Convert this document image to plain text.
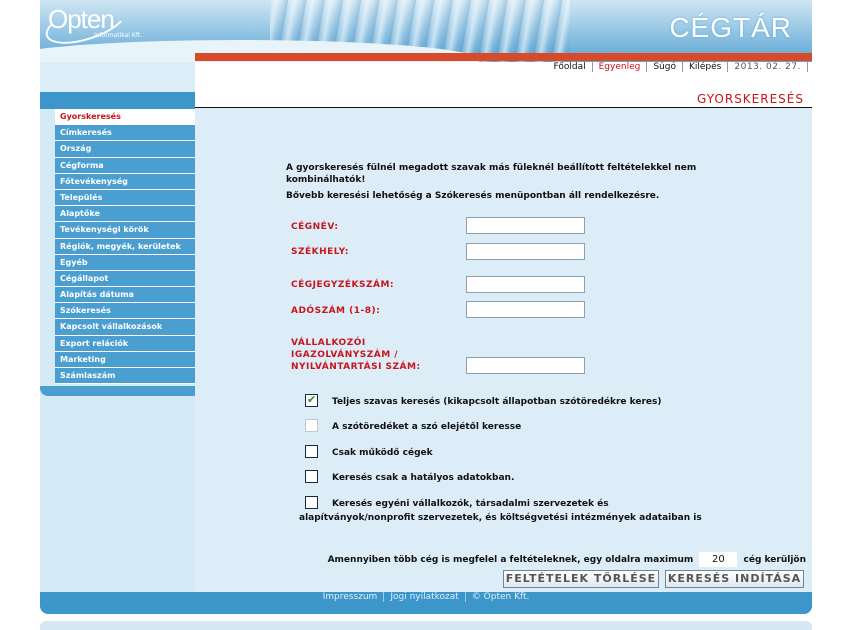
Opten
Informatikai Kft.	CÉGTÁR
Főoldal Egyenleg Súgó Kilépés 2013. 02. 27.
Gyorskeresés
Címkeresés
Ország
Cégforma
Főtevékenység
Település
Alaptőke
Tevékenységi körök
Régiók, megyék, kerületek
Egyéb
Cégállapot
Alapítás dátuma
Szókeresés
Kapcsolt vállalkozások
Export relációk
Marketing
Számlaszám
GYORSKERESÉS

A gyorskeresés fülnél megadott szavak más füleknél beállított feltételekkel nem kombinálhatók!

Bővebb keresési lehetőség a Szókeresés menüpontban áll rendelkezésre.

CÉGNÉV:
SZÉKHELY:
CÉGJEGYZÉKSZÁM:
ADÓSZÁM (1-8):
VÁLLALKOZÓI
IGAZOLVÁNYSZÁM /
NYILVÁNTARTÁSI SZÁM:
✔
Teljes szavas keresés (kikapcsolt állapotban szótöredékre keres)
A szótöredéket a szó elejétől keresse
Csak működő cégek
Keresés csak a hatályos adatokban.
Keresés egyéni vállalkozók, társadalmi szervezetek és
alapítványok/nonprofit szervezetek, és költségvetési intézmények adataiban is
Amennyiben több cég is megfelel a feltételeknek, egy oldalra maximum 20 cég kerüljön
FELTÉTELEK TÖRLÉSE KERESÉS INDÍTÁSA
Impresszum Jogi nyilatkozat © Opten Kft.
